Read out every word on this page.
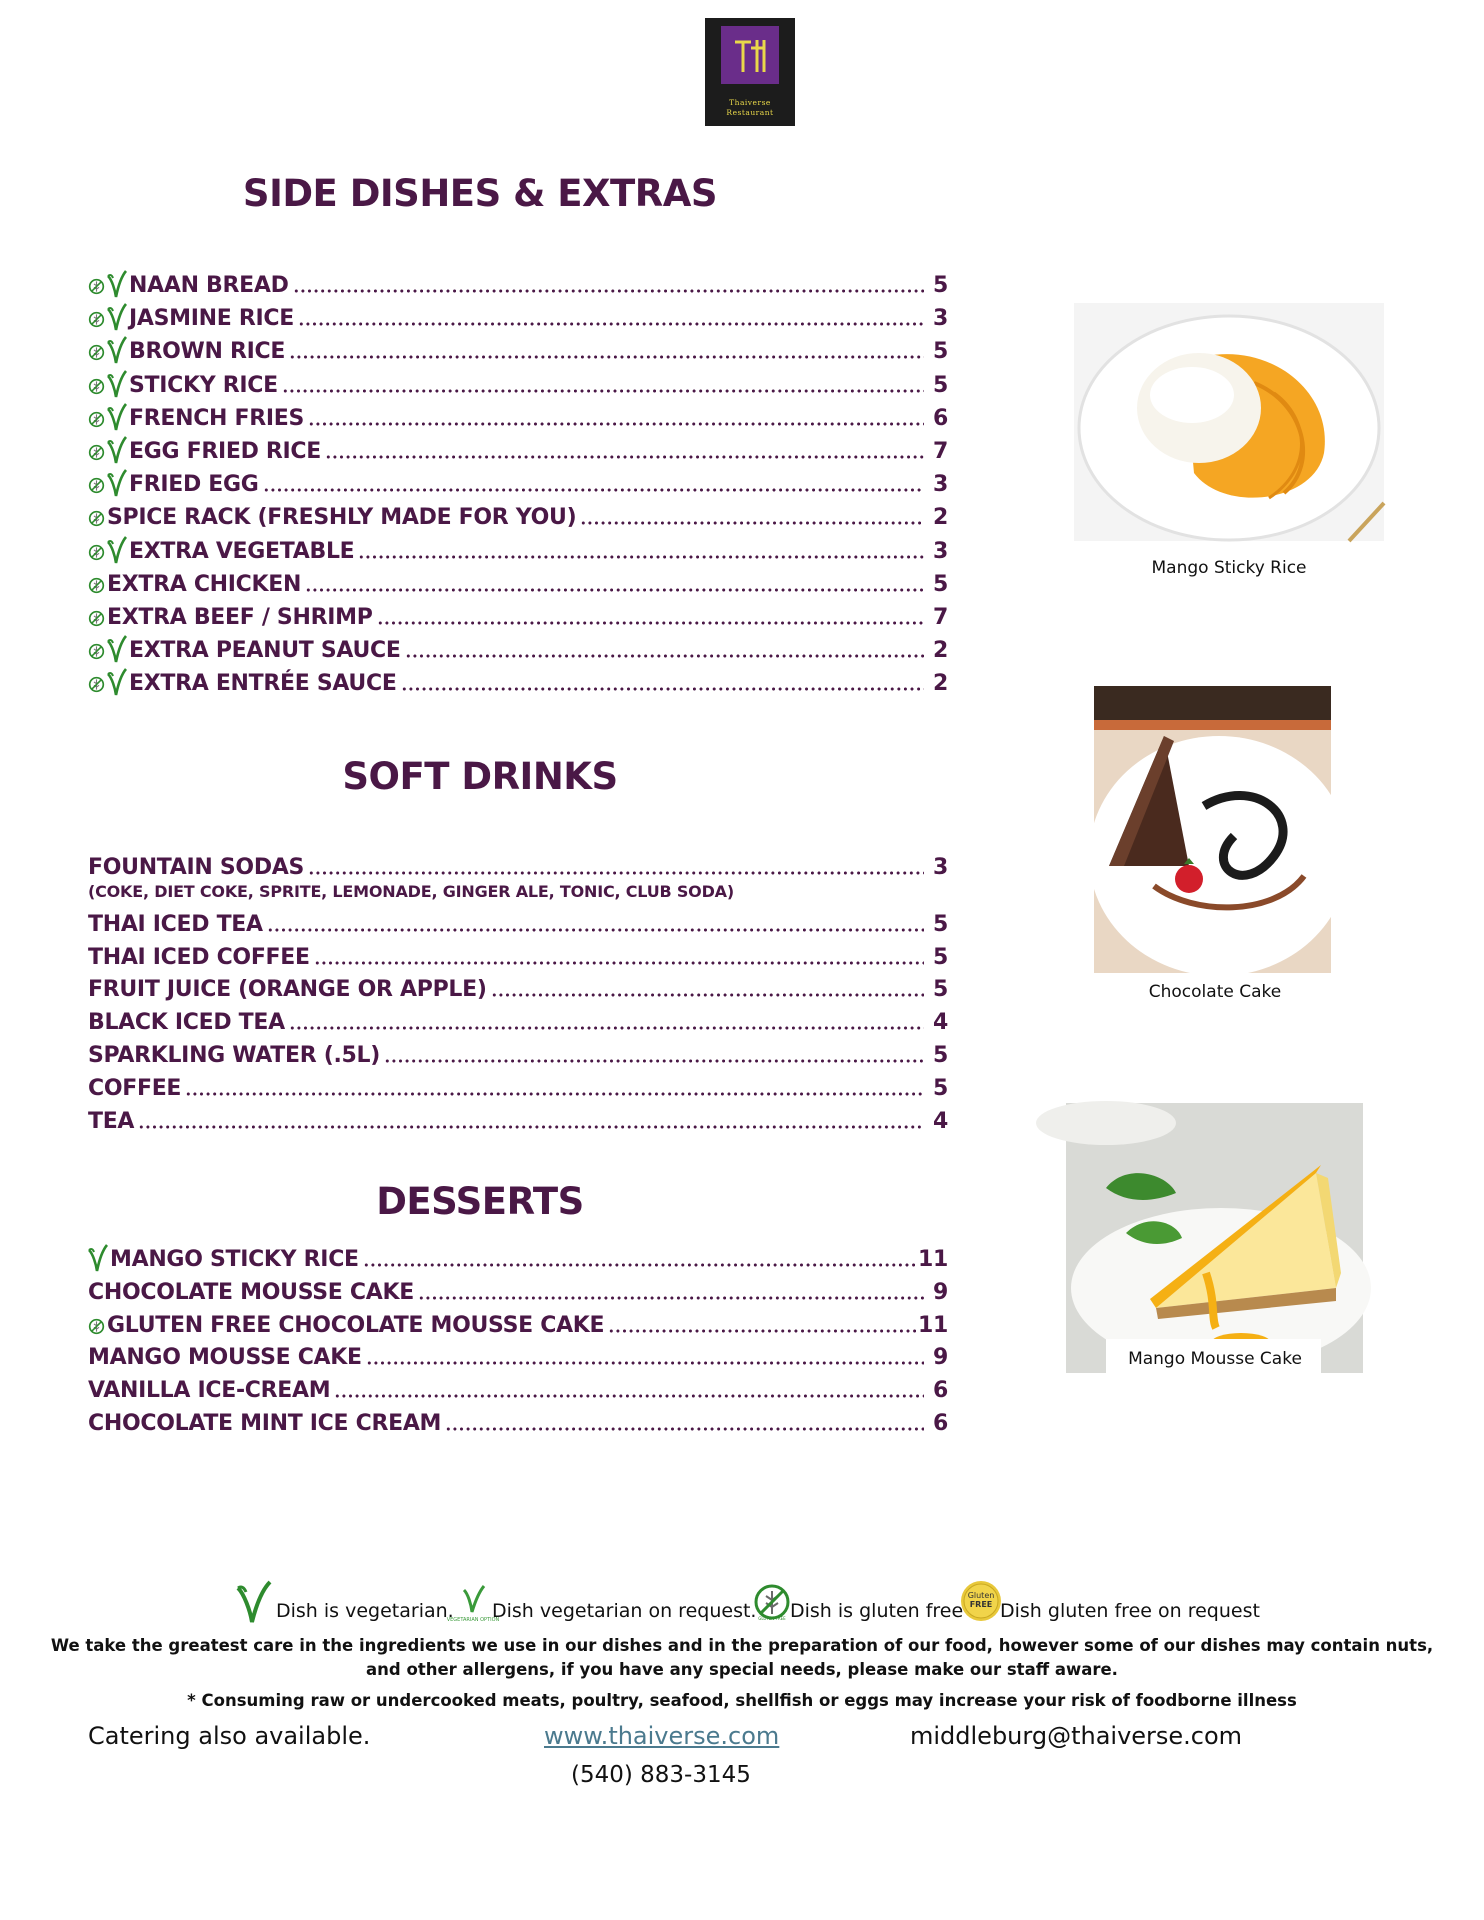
Thaiverse
Restaurant
SIDE DISHES & EXTRAS
SOFT DRINKS
DESSERTS
NAAN BREAD	5
JASMINE RICE	3
BROWN RICE	5
STICKY RICE	5
FRENCH FRIES	6
EGG FRIED RICE	7
FRIED EGG	3
SPICE RACK (FRESHLY MADE FOR YOU)	2
EXTRA VEGETABLE	3
EXTRA CHICKEN	5
EXTRA BEEF / SHRIMP	7
EXTRA PEANUT SAUCE	2
EXTRA ENTRÉE SAUCE	2
FOUNTAIN SODAS	3
THAI ICED TEA	5
THAI ICED COFFEE	5
FRUIT JUICE (ORANGE OR APPLE)	5
BLACK ICED TEA	4
SPARKLING WATER (.5L)	5
COFFEE	5
TEA	4
MANGO STICKY RICE	11
CHOCOLATE MOUSSE CAKE	9
GLUTEN FREE CHOCOLATE MOUSSE CAKE	11
MANGO MOUSSE CAKE	9
VANILLA ICE-CREAM	6
CHOCOLATE MINT ICE CREAM	6
(COKE, DIET COKE, SPRITE, LEMONADE, GINGER ALE, TONIC, CLUB SODA)
Mango Sticky Rice
Chocolate Cake
Mango Mousse Cake
Dish is vegetarian.
VEGETARIAN OPTION
Dish vegetarian on request. GLUTEN FREE Dish is gluten free
Gluten
FREE Dish gluten free on request
We take the greatest care in the ingredients we use in our dishes and in the preparation of our food, however some of our dishes may contain nuts,
and other allergens, if you have any special needs, please make our staff aware.
* Consuming raw or undercooked meats, poultry, seafood, shellfish or eggs may increase your risk of foodborne illness
Catering also available.	www.thaiverse.com	middleburg@thaiverse.com
(540) 883-3145
